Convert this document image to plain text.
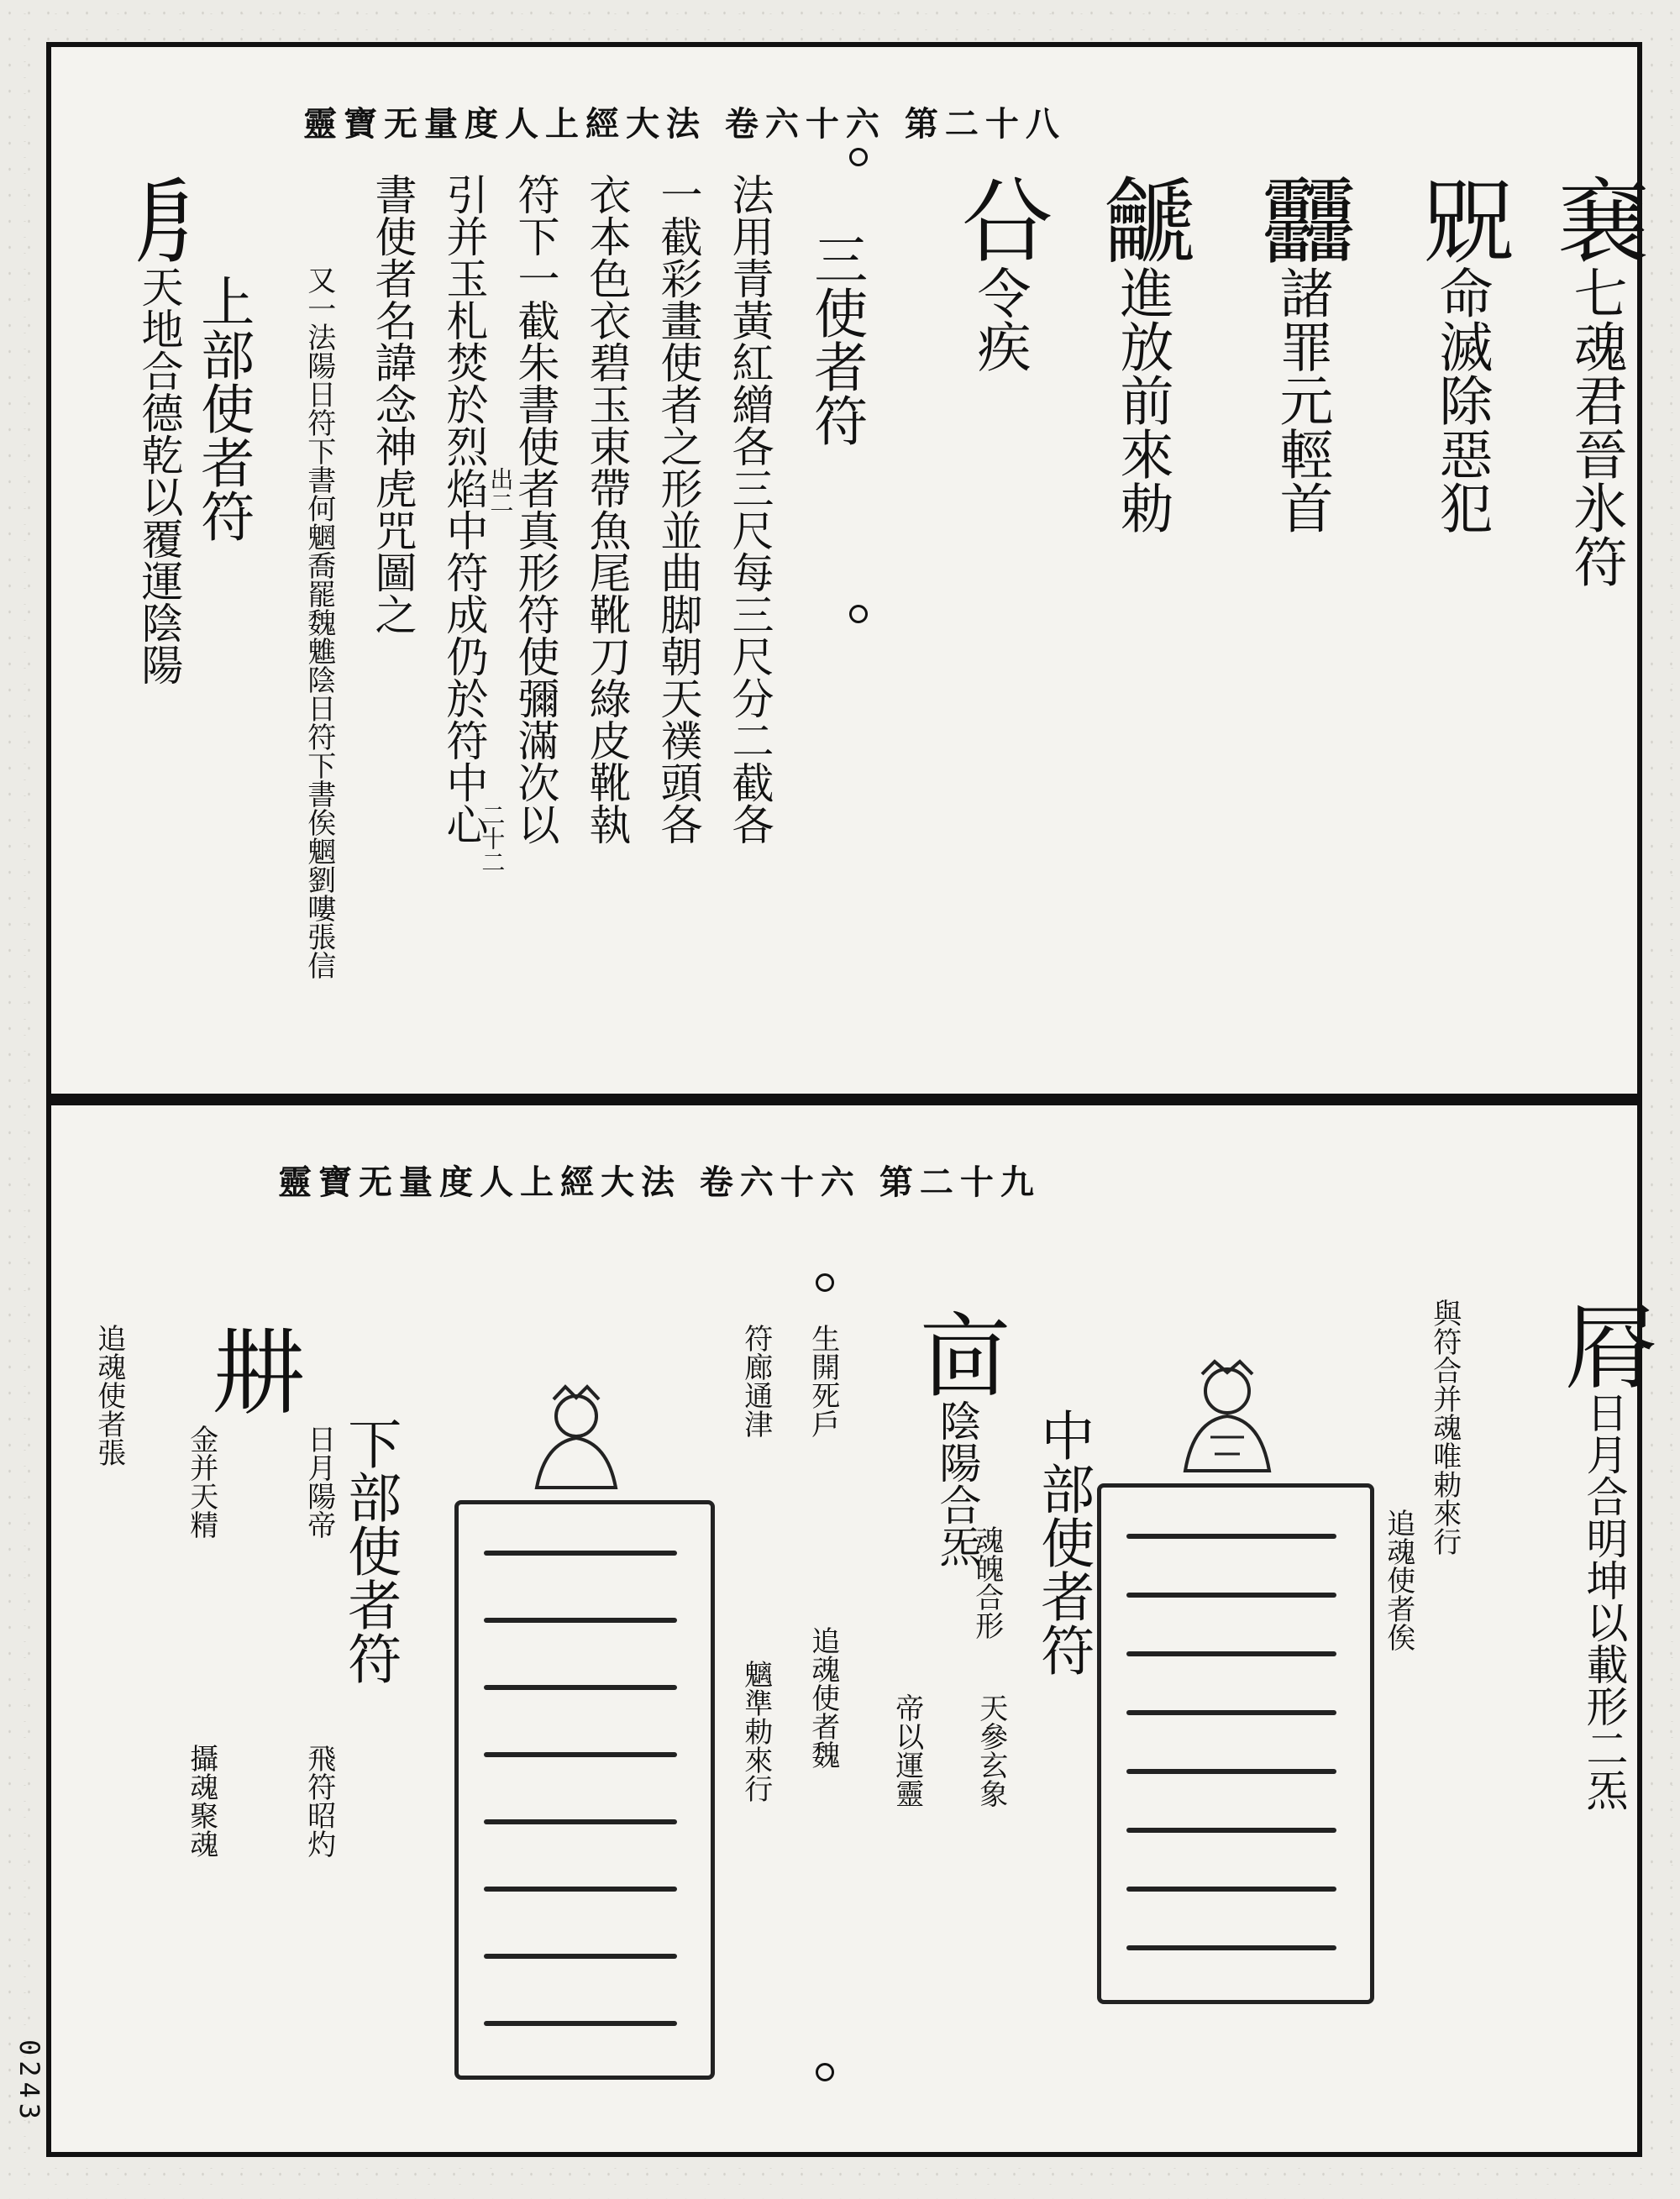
靈寶无量度人上經大法 卷六十六 第二十八
㐮七魂君晉氷符
㒭命滅除惡犯
䨻諸罪元輕首
䶵進放前來勅
㕣令疾
三使者符
法用青黃紅繒各三尺每三尺分二截各
一截彩畫使者之形並曲脚朝天襆頭各
衣本色衣碧玉束帶魚尾靴刀綠皮靴執
符下一截朱書使者真形符使彌滿次以
引并玉札焚於烈焰中符成仍於符中心
書使者名諱念神虎咒圖之
又一法陽日符下書何魍喬罷魏魋陰日符下書俟魍劉嘍張信
上部使者符
㐆天地合德乾以覆運陰陽	出二
二十二
靈寶无量度人上經大法 卷六十六 第二十九
㞕日月合明坤以載形二炁
與符合并魂唯勅來行
追魂使者俟
中部使者符
㐭陰陽合炁
魂魄合形
帝以運靈 天參玄象
生開死戶
符廊通津
追魂使者魏
魑準勅來行
下部使者符
日月陽帝
金并天精
㐩
飛符昭灼
攝魂聚魂
追魂使者張
0243
